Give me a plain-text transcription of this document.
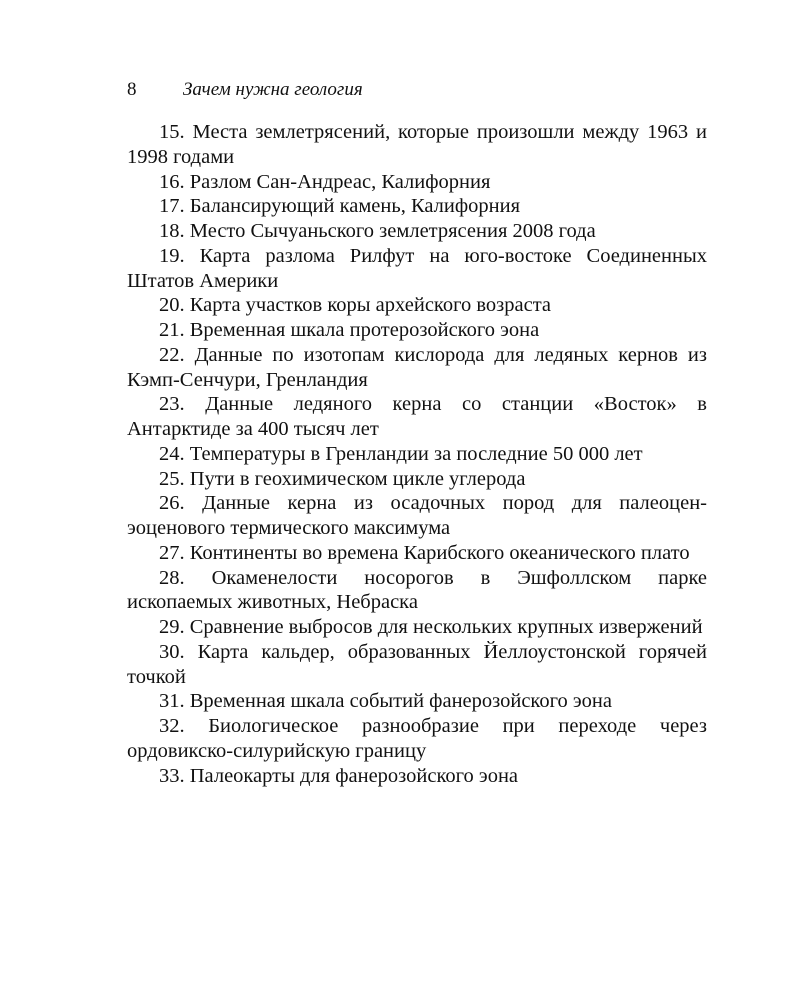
8 Зачем нужна геология

15. Места землетрясений, которые произошли между 1963 и 1998 годами

16. Разлом Сан-Андреас, Калифорния

17. Балансирующий камень, Калифорния

18. Место Сычуаньского землетрясения 2008 года

19. Карта разлома Рилфут на юго-востоке Соединенных Штатов Америки

20. Карта участков коры архейского возраста

21. Временная шкала протерозойского эона

22. Данные по изотопам кислорода для ледяных кернов из Кэмп-Сенчури, Гренландия

23. Данные ледяного керна со станции «Восток» в Антарктиде за 400 тысяч лет

24. Температуры в Гренландии за последние 50 000 лет

25. Пути в геохимическом цикле углерода

26. Данные керна из осадочных пород для палеоцен-эоценового термического максимума

27. Континенты во времена Карибского океанического плато

28. Окаменелости носорогов в Эшфоллском парке ископаемых животных, Небраска

29. Сравнение выбросов для нескольких крупных извержений

30. Карта кальдер, образованных Йеллоустонской горячей точкой

31. Временная шкала событий фанерозойского эона

32. Биологическое разнообразие при переходе через ордовикско-силурийскую границу

33. Палеокарты для фанерозойского эона
